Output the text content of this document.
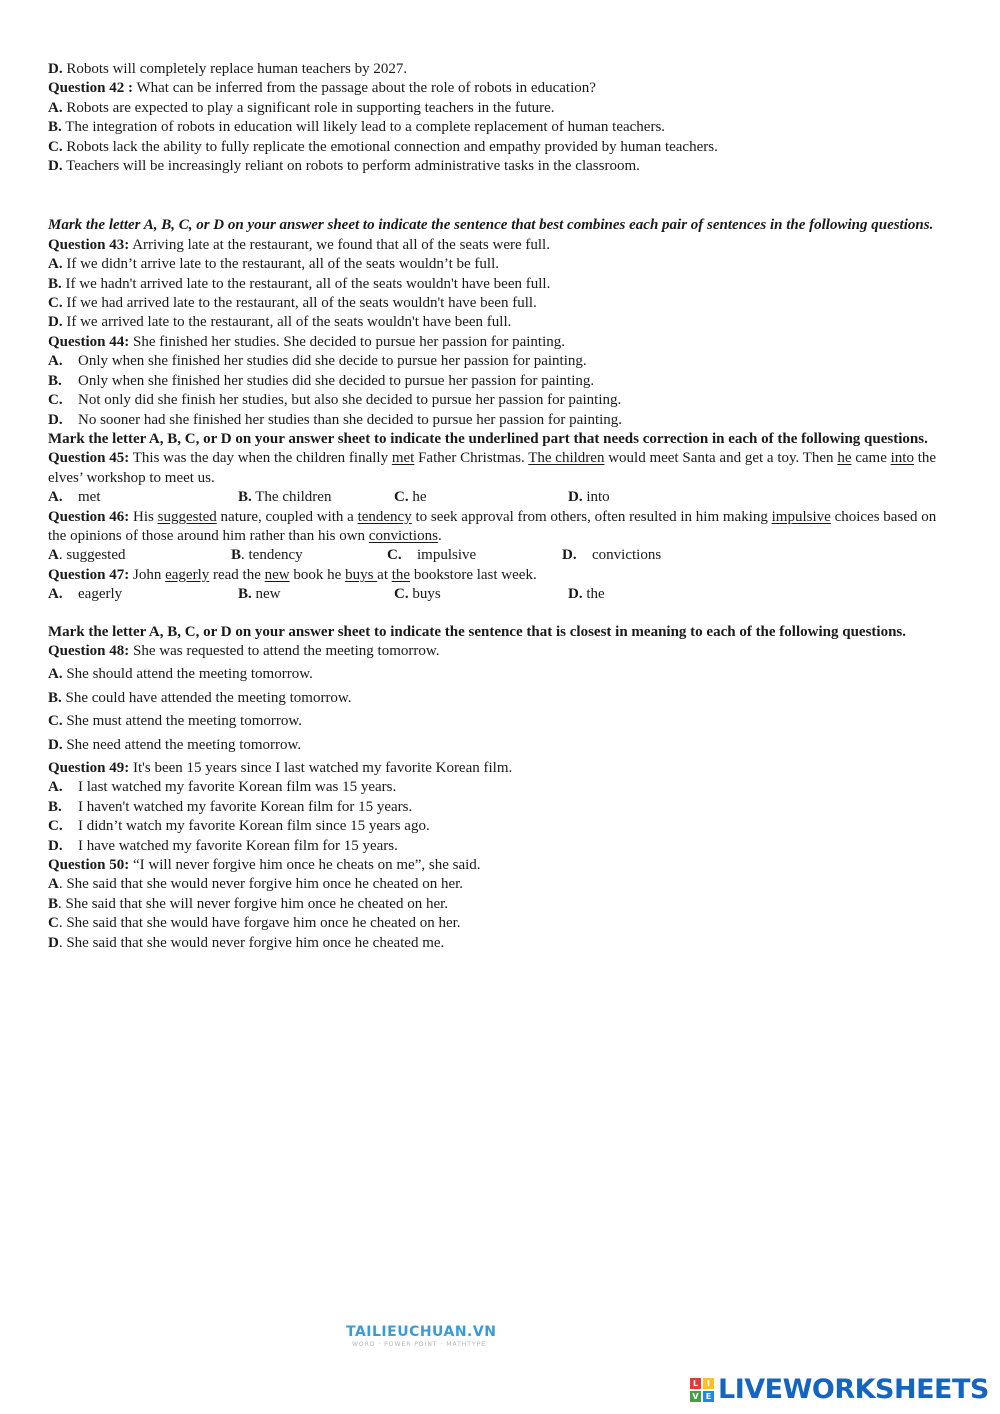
D. Robots will completely replace human teachers by 2027.
Question 42 : What can be inferred from the passage about the role of robots in education?
A. Robots are expected to play a significant role in supporting teachers in the future.
B. The integration of robots in education will likely lead to a complete replacement of human teachers.
C. Robots lack the ability to fully replicate the emotional connection and empathy provided by human teachers.
D. Teachers will be increasingly reliant on robots to perform administrative tasks in the classroom.
Mark the letter A, B, C, or D on your answer sheet to indicate the sentence that best combines each pair of sentences in the following questions.
Question 43: Arriving late at the restaurant, we found that all of the seats were full.
A. If we didn’t arrive late to the restaurant, all of the seats wouldn’t be full.
B. If we hadn't arrived late to the restaurant, all of the seats wouldn't have been full.
C. If we had arrived late to the restaurant, all of the seats wouldn't have been full.
D. If we arrived late to the restaurant, all of the seats wouldn't have been full.
Question 44: She finished her studies. She decided to pursue her passion for painting.
A. Only when she finished her studies did she decide to pursue her passion for painting.
B. Only when she finished her studies did she decided to pursue her passion for painting.
C. Not only did she finish her studies, but also she decided to pursue her passion for painting.
D. No sooner had she finished her studies than she decided to pursue her passion for painting.
Mark the letter A, B, C, or D on your answer sheet to indicate the underlined part that needs correction in each of the following questions.
Question 45: This was the day when the children finally met Father Christmas. The children would meet Santa and get a toy. Then he came into the elves’ workshop to meet us.
A. met	B. The children	C. he	D. into
Question 46: His suggested nature, coupled with a tendency to seek approval from others, often resulted in him making impulsive choices based on the opinions of those around him rather than his own convictions.
A. suggested	B. tendency	C. impulsive	D. convictions
Question 47: John eagerly read the new book he buys at the bookstore last week.
A. eagerly	B. new	C. buys	D. the
Mark the letter A, B, C, or D on your answer sheet to indicate the sentence that is closest in meaning to each of the following questions.
Question 48: She was requested to attend the meeting tomorrow.
A. She should attend the meeting tomorrow.
B. She could have attended the meeting tomorrow.
C. She must attend the meeting tomorrow.
D. She need attend the meeting tomorrow.
Question 49: It's been 15 years since I last watched my favorite Korean film.
A. I last watched my favorite Korean film was 15 years.
B. I haven't watched my favorite Korean film for 15 years.
C. I didn’t watch my favorite Korean film since 15 years ago.
D. I have watched my favorite Korean film for 15 years.
Question 50: “I will never forgive him once he cheats on me”, she said.
A. She said that she would never forgive him once he cheated on her.
B. She said that she will never forgive him once he cheated on her.
C. She said that she would have forgave him once he cheated on her.
D. She said that she would never forgive him once he cheated me.
TAILIEUCHUAN.VN
WORD · POWER POINT · MATHTYPE
L	I
V E LIVEWORKSHEETS
